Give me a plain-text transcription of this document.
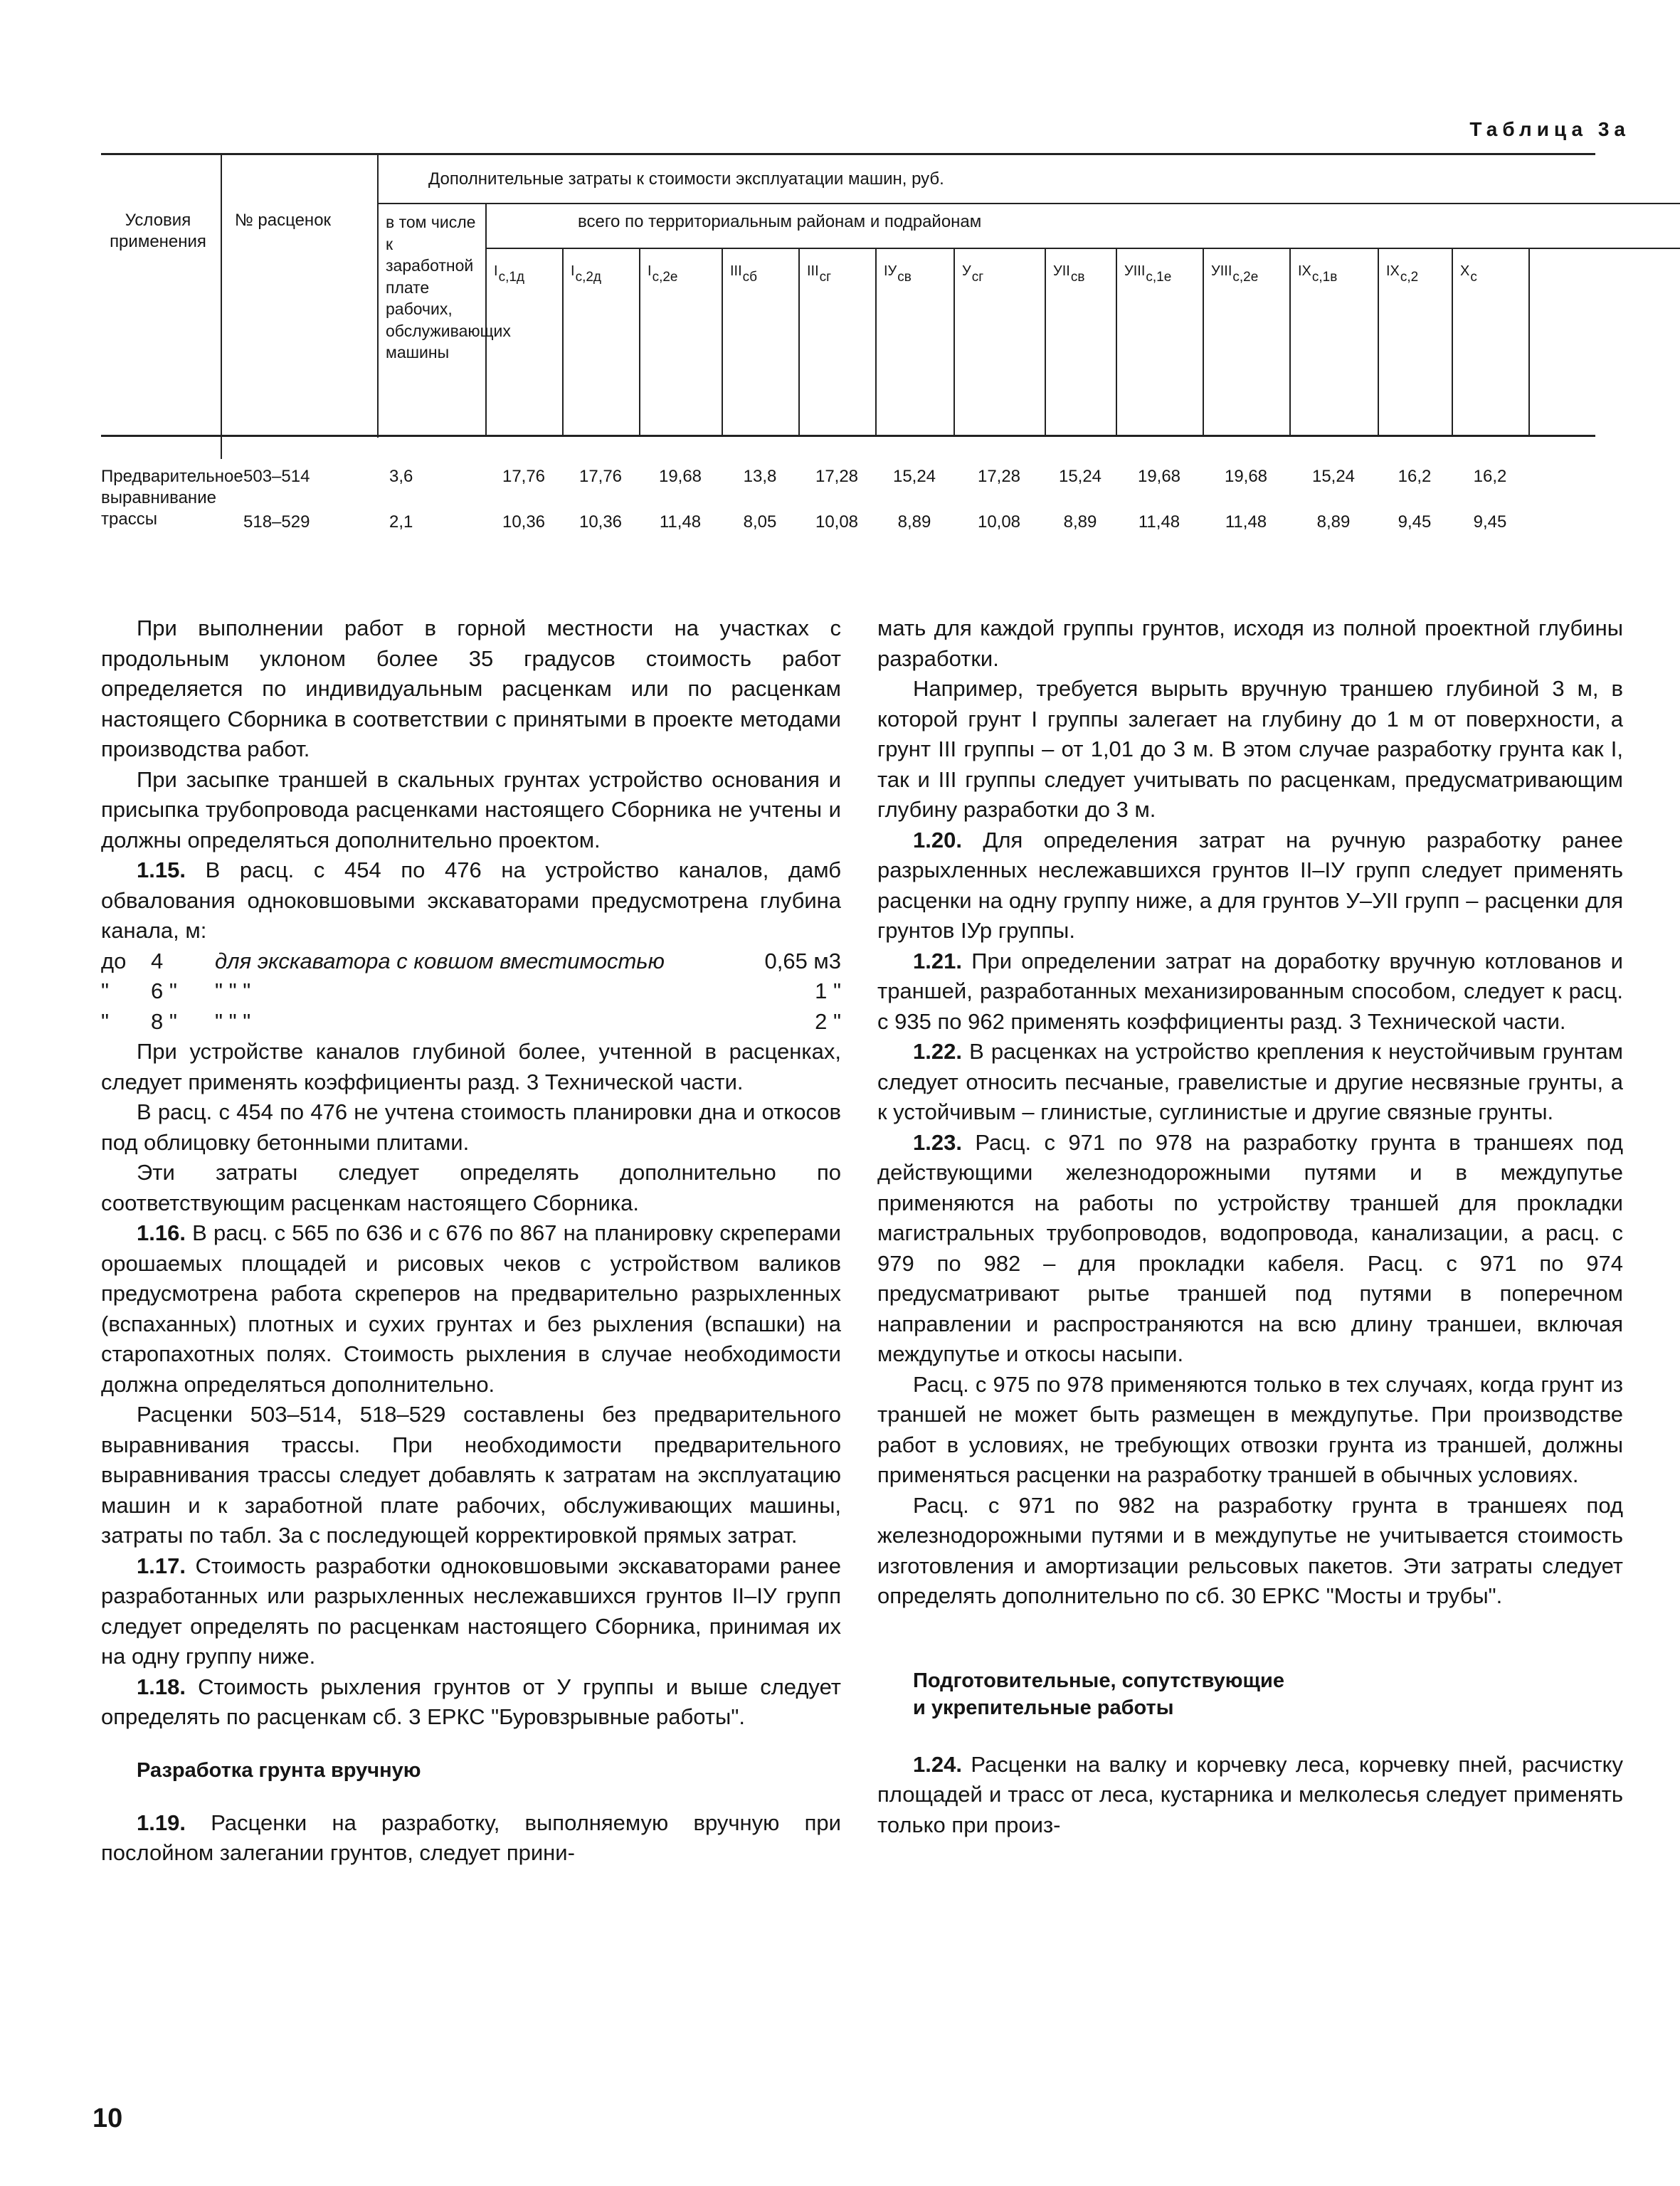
Таблица 3а
Условия применения
№ расценок
Дополнительные затраты к стоимости эксплуатации машин, руб.
в том числе к заработной плате рабочих, обслуживающих машины
всего по территориальным районам и подрайонам
$^I$с,1д	$^I$с,2д	$^I$с,2е	$^{III}$сб	$^{III}$сг	$^{IУ}$св	$^У$сг	$^{УII}$св	$^{УIII}$с,1е	$^{УIII}$с,2е	$^{IX}$с,1в	$^{IX}$с,2	$^X$с
Предварительное выравнивание трассы
503–514	3,6	17,76	17,76	19,68	13,8	17,28	15,24	17,28	15,24	19,68	19,68	15,24	16,2	16,2
518–529	2,1	10,36	10,36	11,48	8,05	10,08	8,89	10,08	8,89	11,48	11,48	8,89	9,45	9,45

При выполнении работ в горной местности на участках с продольным уклоном более 35 градусов стоимость работ определяется по индивидуальным расценкам или по расценкам настоящего Сборника в соответствии с принятыми в проекте методами производства работ.

При засыпке траншей в скальных грунтах устройство основания и присыпка трубопровода расценками настоящего Сборника не учтены и должны определяться дополнительно проектом.

1.15. В расц. с 454 по 476 на устройство каналов, дамб обвалования одноковшовыми экскаваторами предусмотрена глубина канала, м:

до	4	для экскаватора с ковшом вместимостью	0,65 м3
"	6 "	" " "	1 "
"	8 "	" " "	2 "

При устройстве каналов глубиной более, учтенной в расценках, следует применять коэффициенты разд. 3 Технической части.

В расц. с 454 по 476 не учтена стоимость планировки дна и откосов под облицовку бетонными плитами.

Эти затраты следует определять дополнительно по соответствующим расценкам настоящего Сборника.

1.16. В расц. с 565 по 636 и с 676 по 867 на планировку скреперами орошаемых площадей и рисовых чеков с устройством валиков предусмотрена работа скреперов на предварительно разрыхленных (вспаханных) плотных и сухих грунтах и без рыхления (вспашки) на старопахотных полях. Стоимость рыхления в случае необходимости должна определяться дополнительно.

Расценки 503–514, 518–529 составлены без предварительного выравнивания трассы. При необходимости предварительного выравнивания трассы следует добавлять к затратам на эксплуатацию машин и к заработной плате рабочих, обслуживающих машины, затраты по табл. 3а с последующей корректировкой прямых затрат.

1.17. Стоимость разработки одноковшовыми экскаваторами ранее разработанных или разрыхленных неслежавшихся грунтов II–IУ групп следует определять по расценкам настоящего Сборника, принимая их на одну группу ниже.

1.18. Стоимость рыхления грунтов от У группы и выше следует определять по расценкам сб. 3 ЕРКС "Буровзрывные работы".

Разработка грунта вручную

1.19. Расценки на разработку, выполняемую вручную при послойном залегании грунтов, следует прини-

мать для каждой группы грунтов, исходя из полной проектной глубины разработки.

Например, требуется вырыть вручную траншею глубиной 3 м, в которой грунт I группы залегает на глубину до 1 м от поверхности, а грунт III группы – от 1,01 до 3 м. В этом случае разработку грунта как I, так и III группы следует учитывать по расценкам, предусматривающим глубину разработки до 3 м.

1.20. Для определения затрат на ручную разработку ранее разрыхленных неслежавшихся грунтов II–IУ групп следует применять расценки на одну группу ниже, а для грунтов У–УII групп – расценки для грунтов IУр группы.

1.21. При определении затрат на доработку вручную котлованов и траншей, разработанных механизированным способом, следует к расц. с 935 по 962 применять коэффициенты разд. 3 Технической части.

1.22. В расценках на устройство крепления к неустойчивым грунтам следует относить песчаные, гравелистые и другие несвязные грунты, а к устойчивым – глинистые, суглинистые и другие связные грунты.

1.23. Расц. с 971 по 978 на разработку грунта в траншеях под действующими железнодорожными путями и в междупутье применяются на работы по устройству траншей для прокладки магистральных трубопроводов, водопровода, канализации, а расц. с 979 по 982 – для прокладки кабеля. Расц. с 971 по 974 предусматривают рытье траншей под путями в поперечном направлении и распространяются на всю длину траншеи, включая междупутье и откосы насыпи.

Расц. с 975 по 978 применяются только в тех случаях, когда грунт из траншей не может быть размещен в междупутье. При производстве работ в условиях, не требующих отвозки грунта из траншей, должны применяться расценки на разработку траншей в обычных условиях.

Расц. с 971 по 982 на разработку грунта в траншеях под железнодорожными путями и в междупутье не учитывается стоимость изготовления и амортизации рельсовых пакетов. Эти затраты следует определять дополнительно по сб. 30 ЕРКС "Мосты и трубы".

Подготовительные, сопутствующие

и укрепительные работы

1.24. Расценки на валку и корчевку леса, корчевку пней, расчистку площадей и трасс от леса, кустарника и мелколесья следует применять только при произ-

10
